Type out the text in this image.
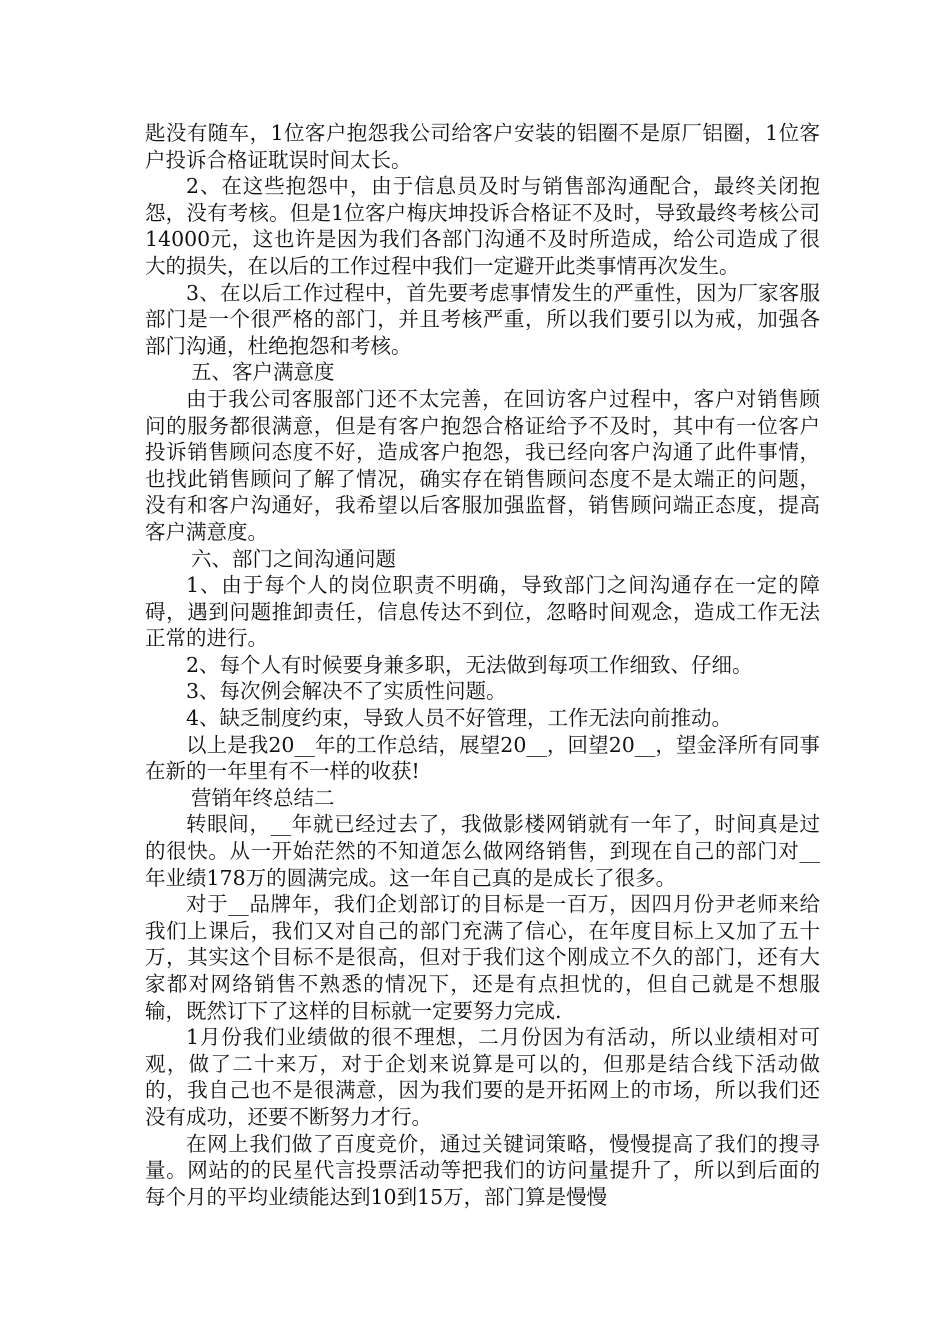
匙没有随车，1位客户抱怨我公司给客户安装的铝圈不是原厂铝圈，1位客户投诉合格证耽误时间太长。

2、在这些抱怨中，由于信息员及时与销售部沟通配合，最终关闭抱怨，没有考核。但是1位客户梅庆坤投诉合格证不及时，导致最终考核公司14000元，这也许是因为我们各部门沟通不及时所造成，给公司造成了很大的损失，在以后的工作过程中我们一定避开此类事情再次发生。

3、在以后工作过程中，首先要考虑事情发生的严重性，因为厂家客服部门是一个很严格的部门，并且考核严重，所以我们要引以为戒，加强各部门沟通，杜绝抱怨和考核。

五、客户满意度

由于我公司客服部门还不太完善，在回访客户过程中，客户对销售顾问的服务都很满意，但是有客户抱怨合格证给予不及时，其中有一位客户投诉销售顾问态度不好，造成客户抱怨，我已经向客户沟通了此件事情，也找此销售顾问了解了情况，确实存在销售顾问态度不是太端正的问题，没有和客户沟通好，我希望以后客服加强监督，销售顾问端正态度，提高客户满意度。

六、部门之间沟通问题

1、由于每个人的岗位职责不明确，导致部门之间沟通存在一定的障碍，遇到问题推卸责任，信息传达不到位，忽略时间观念，造成工作无法正常的进行。

2、每个人有时候要身兼多职，无法做到每项工作细致、仔细。

3、每次例会解决不了实质性问题。

4、缺乏制度约束，导致人员不好管理，工作无法向前推动。

以上是我20__年的工作总结，展望20__，回望20__，望金泽所有同事在新的一年里有不一样的收获!

营销年终总结二

转眼间，__年就已经过去了，我做影楼网销就有一年了，时间真是过的很快。从一开始茫然的不知道怎么做网络销售，到现在自己的部门对__年业绩178万的圆满完成。这一年自己真的是成长了很多。

对于__品牌年，我们企划部订的目标是一百万，因四月份尹老师来给我们上课后，我们又对自己的部门充满了信心，在年度目标上又加了五十万，其实这个目标不是很高，但对于我们这个刚成立不久的部门，还有大家都对网络销售不熟悉的情况下，还是有点担忧的，但自己就是不想服输，既然订下了这样的目标就一定要努力完成.

1月份我们业绩做的很不理想，二月份因为有活动，所以业绩相对可观，做了二十来万，对于企划来说算是可以的，但那是结合线下活动做的，我自己也不是很满意，因为我们要的是开拓网上的市场，所以我们还没有成功，还要不断努力才行。

在网上我们做了百度竞价，通过关键词策略，慢慢提高了我们的搜寻量。网站的的民星代言投票活动等把我们的访问量提升了，所以到后面的每个月的平均业绩能达到10到15万，部门算是慢慢
